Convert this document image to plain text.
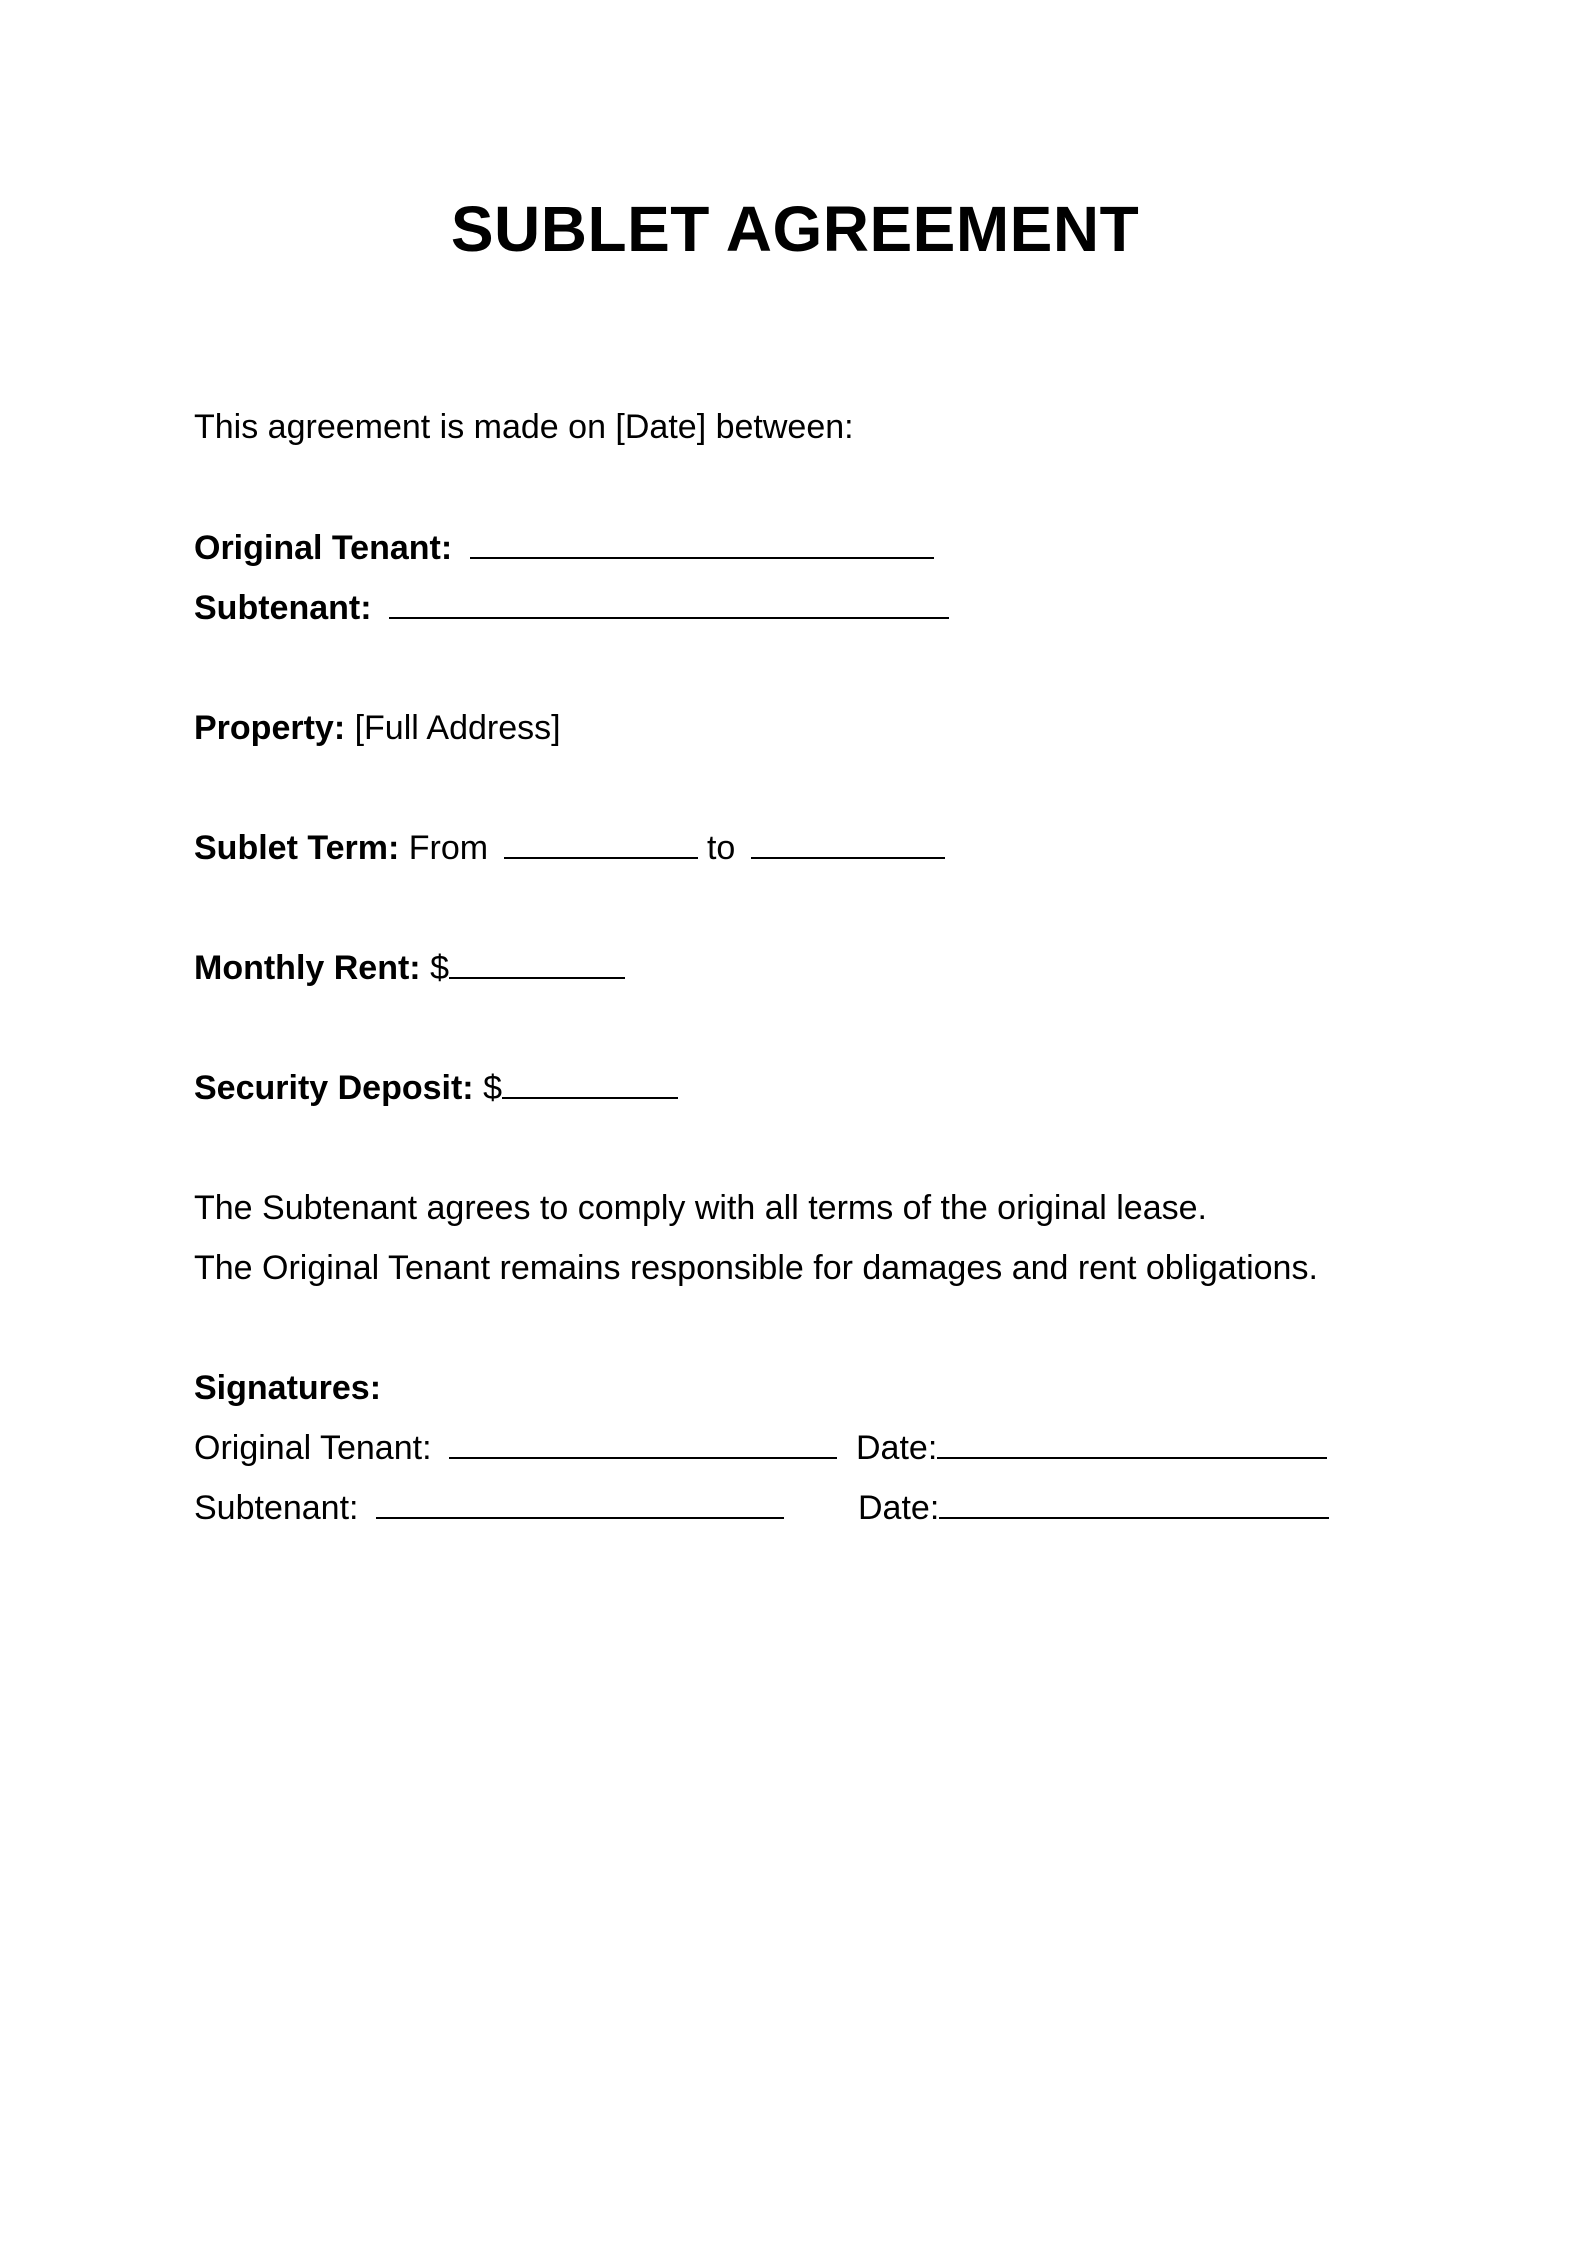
SUBLET AGREEMENT
This agreement is made on [Date] between:
Original Tenant:
Subtenant:
Property: [Full Address]
Sublet Term: From	to
Monthly Rent: $
Security Deposit: $
The Subtenant agrees to comply with all terms of the original lease.
The Original Tenant remains responsible for damages and rent obligations.
Signatures:
Original Tenant:	Date:
Subtenant:	Date:
